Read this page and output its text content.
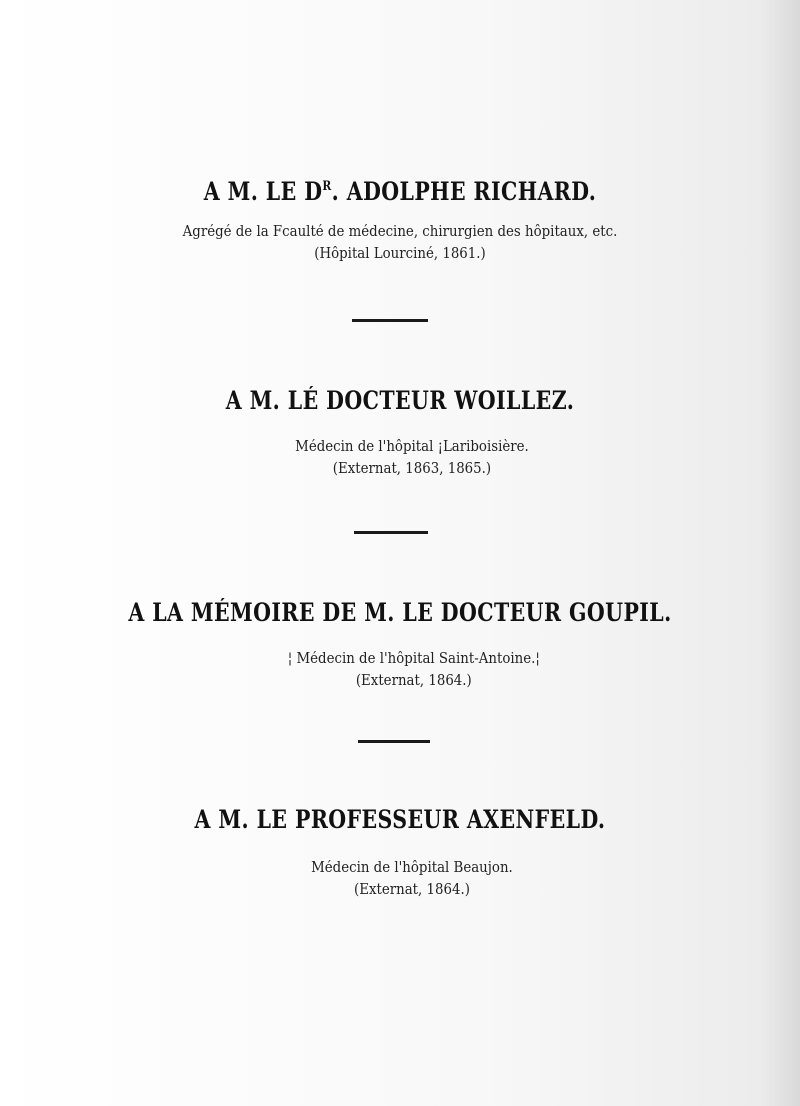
A M. LE $D^R$. ADOLPHE RICHARD.
Agrégé de la Fcaulté de médecine, chirurgien des hôpitaux, etc.
(Hôpital Lourciné, 1861.)
A M. LÉ DOCTEUR WOILLEZ.
Médecin de l'hôpital ¡Lariboisière.
(Externat, 1863, 1865.)
A LA MÉMOIRE DE M. LE DOCTEUR GOUPIL.
¦ Médecin de l'hôpital Saint-Antoine.¦
(Externat, 1864.)
A M. LE PROFESSEUR AXENFELD.
Médecin de l'hôpital Beaujon.
(Externat, 1864.)
